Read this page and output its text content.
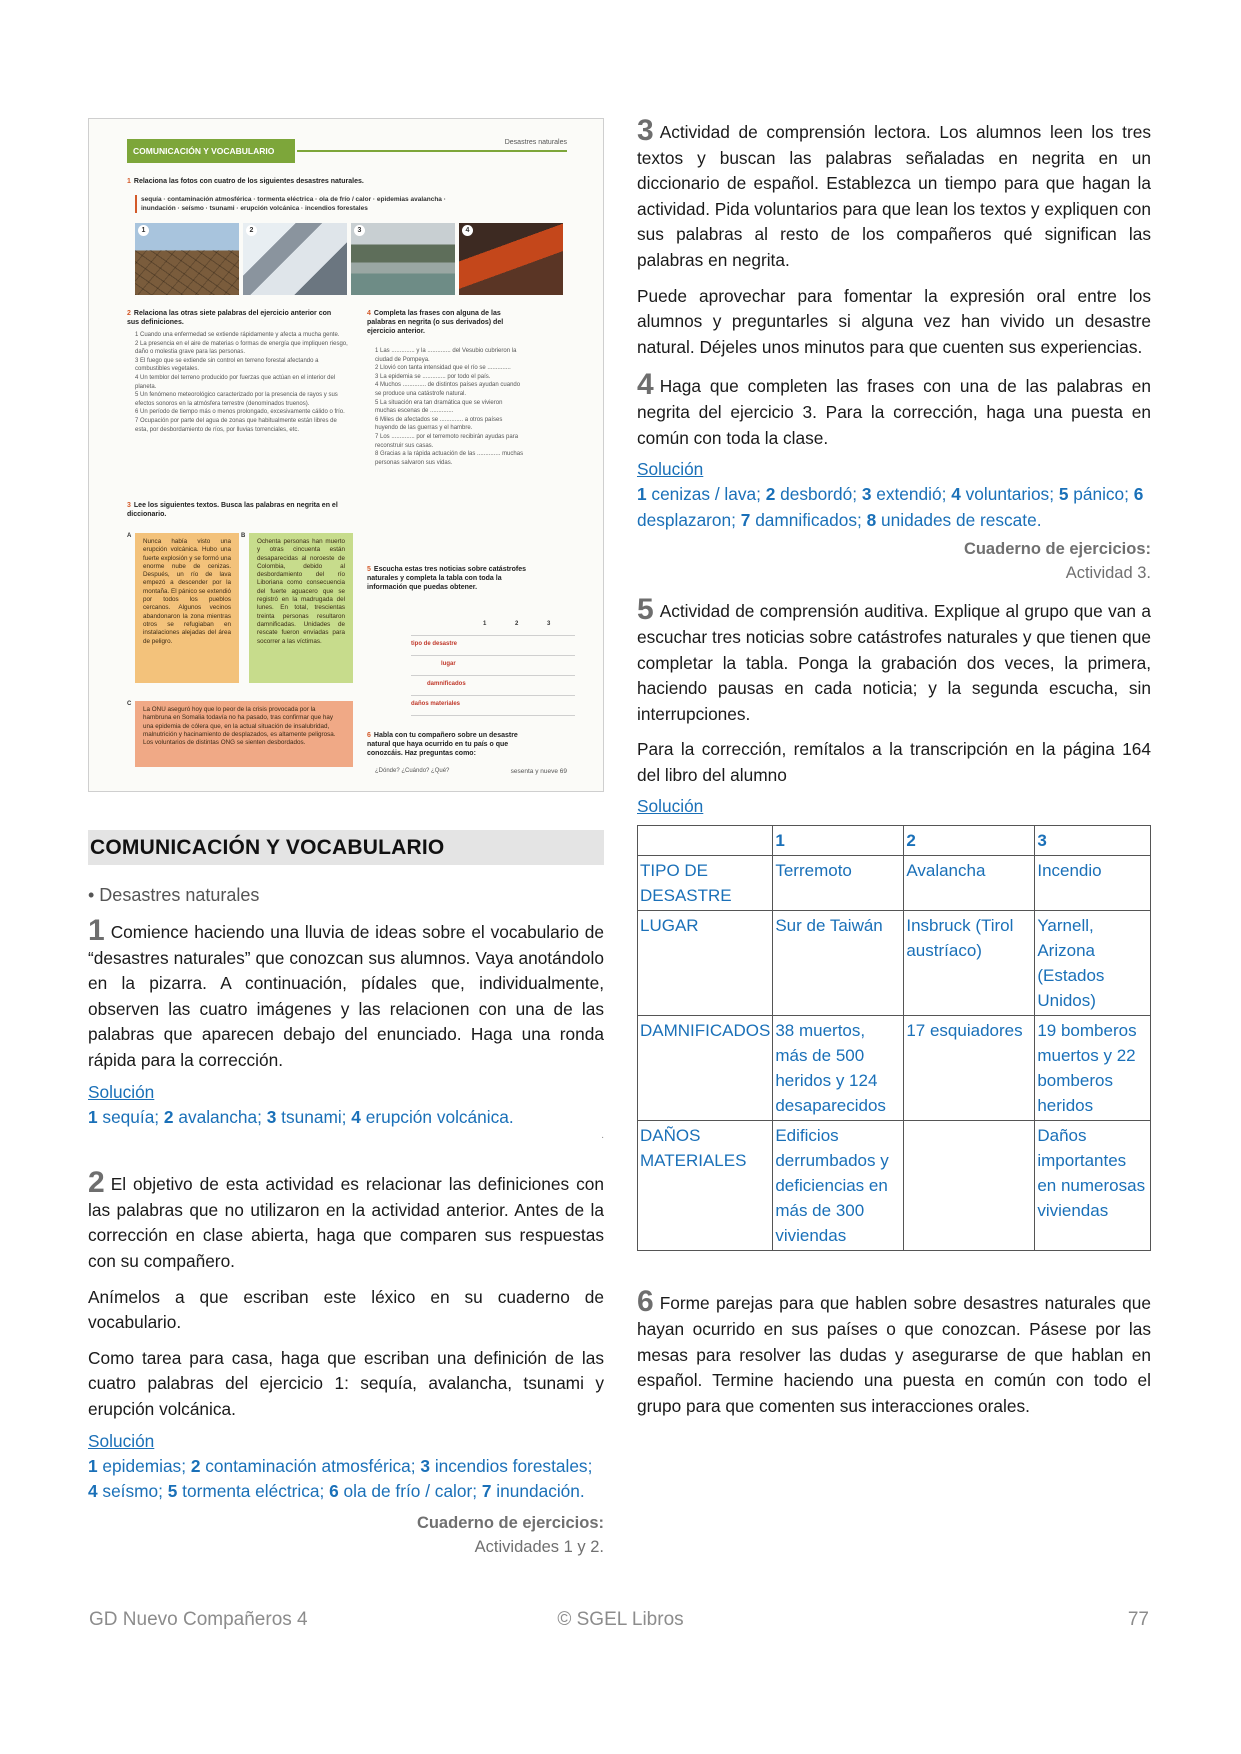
COMUNICACIÓN Y VOCABULARIO
Desastres naturales
1 Relaciona las fotos con cuatro de los siguientes desastres naturales.
sequía · contaminación atmosférica · tormenta eléctrica · ola de frío / calor · epidemias avalancha · inundación · seísmo · tsunami · erupción volcánica · incendios forestales
1	2	3	4
2 Relaciona las otras siete palabras del ejercicio anterior con sus definiciones.
1 Cuando una enfermedad se extiende rápidamente y afecta a mucha gente.
2 La presencia en el aire de materias o formas de energía que impliquen riesgo, daño o molestia grave para las personas.
3 El fuego que se extiende sin control en terreno forestal afectando a combustibles vegetales.
4 Un temblor del terreno producido por fuerzas que actúan en el interior del planeta.
5 Un fenómeno meteorológico caracterizado por la presencia de rayos y sus efectos sonoros en la atmósfera terrestre (denominados truenos).
6 Un período de tiempo más o menos prolongado, excesivamente cálido o frío.
7 Ocupación por parte del agua de zonas que habitualmente están libres de esta, por desbordamiento de ríos, por lluvias torrenciales, etc.
3 Lee los siguientes textos. Busca las palabras en negrita en el diccionario.
A	B
C
Nunca había visto una erupción volcánica. Hubo una fuerte explosión y se formó una enorme nube de cenizas. Después, un río de lava empezó a descender por la montaña. El pánico se extendió por todos los pueblos cercanos. Algunos vecinos abandonaron la zona mientras otros se refugiaban en instalaciones alejadas del área de peligro.
Ochenta personas han muerto y otras cincuenta están desaparecidas al noroeste de Colombia, debido al desbordamiento del río Liboriana como consecuencia del fuerte aguacero que se registró en la madrugada del lunes. En total, trescientas treinta personas resultaron damnificadas. Unidades de rescate fueron enviadas para socorrer a las víctimas.
La ONU aseguró hoy que lo peor de la crisis provocada por la hambruna en Somalia todavía no ha pasado, tras confirmar que hay una epidemia de cólera que, en la actual situación de insalubridad, malnutrición y hacinamiento de desplazados, es altamente peligrosa. Los voluntarios de distintas ONG se sienten desbordados.
4 Completa las frases con alguna de las palabras en negrita (o sus derivados) del ejercicio anterior.
1 Las .............. y la .............. del Vesubio cubrieron la ciudad de Pompeya.
2 Llovió con tanta intensidad que el río se ..............
3 La epidemia se .............. por todo el país.
4 Muchos .............. de distintos países ayudan cuando se produce una catástrofe natural.
5 La situación era tan dramática que se vivieron muchas escenas de ..............
6 Miles de afectados se .............. a otros países huyendo de las guerras y el hambre.
7 Los .............. por el terremoto recibirán ayudas para reconstruir sus casas.
8 Gracias a la rápida actuación de las .............. muchas personas salvaron sus vidas.
5 Escucha estas tres noticias sobre catástrofes naturales y completa la tabla con toda la información que puedas obtener.
1	2	3
tipo de desastre
lugar
damnificados
daños materiales
6 Habla con tu compañero sobre un desastre natural que haya ocurrido en tu país o que conozcáis. Haz preguntas como:
¿Dónde? ¿Cuándo? ¿Qué?	sesenta y nueve 69
COMUNICACIÓN Y VOCABULARIO
• Desastres naturales

1 Comience haciendo una lluvia de ideas sobre el vocabulario de “desastres naturales” que conozcan sus alumnos. Vaya anotándolo en la pizarra. A continuación, pídales que, individualmente, observen las cuatro imágenes y las relacionen con una de las palabras que aparecen debajo del enunciado. Haga una ronda rápida para la corrección.

Solución
1 sequía; 2 avalancha; 3 tsunami; 4 erupción volcánica.
.

2 El objetivo de esta actividad es relacionar las definiciones con las palabras que no utilizaron en la actividad anterior. Antes de la corrección en clase abierta, haga que comparen sus respuestas con su compañero.

Anímelos a que escriban este léxico en su cuaderno de vocabulario.

Como tarea para casa, haga que escriban una definición de las cuatro palabras del ejercicio 1: sequía, avalancha, tsunami y erupción volcánica.

Solución
1 epidemias; 2 contaminación atmosférica; 3 incendios forestales; 4 seísmo; 5 tormenta eléctrica; 6 ola de frío / calor; 7 inundación.
Cuaderno de ejercicios:
Actividades 1 y 2.

3 Actividad de comprensión lectora. Los alumnos leen los tres textos y buscan las palabras señaladas en negrita en un diccionario de español. Establezca un tiempo para que hagan la actividad. Pida voluntarios para que lean los textos y expliquen con sus palabras al resto de los compañeros qué significan las palabras en negrita.

Puede aprovechar para fomentar la expresión oral entre los alumnos y preguntarles si alguna vez han vivido un desastre natural. Déjeles unos minutos para que cuenten sus experiencias.

4 Haga que completen las frases con una de las palabras en negrita del ejercicio 3. Para la corrección, haga una puesta en común con toda la clase.

Solución
1 cenizas / lava; 2 desbordó; 3 extendió; 4 voluntarios; 5 pánico; 6 desplazaron; 7 damnificados; 8 unidades de rescate.
Cuaderno de ejercicios:
Actividad 3.

5 Actividad de comprensión auditiva. Explique al grupo que van a escuchar tres noticias sobre catástrofes naturales y que tienen que completar la tabla. Ponga la grabación dos veces, la primera, haciendo pausas en cada noticia; y la segunda escucha, sin interrupciones.

Para la corrección, remítalos a la transcripción en la página 164 del libro del alumno

Solución
	1	2	3
TIPO DE DESASTRE	Terremoto	Avalancha	Incendio
LUGAR	Sur de Taiwán	Insbruck (Tirol austríaco)	Yarnell, Arizona (Estados Unidos)
DAMNIFICADOS	38 muertos, más de 500 heridos y 124 desaparecidos	17 esquiadores	19 bomberos muertos y 22 bomberos heridos
DAÑOS MATERIALES	Edificios derrumbados y deficiencias en más de 300 viviendas		Daños importantes en numerosas viviendas

6 Forme parejas para que hablen sobre desastres naturales que hayan ocurrido en sus países o que conozcan. Pásese por las mesas para resolver las dudas y asegurarse de que hablan en español. Termine haciendo una puesta en común con todo el grupo para que comenten sus interacciones orales.

GD Nuevo Compañeros 4	© SGEL Libros	77
